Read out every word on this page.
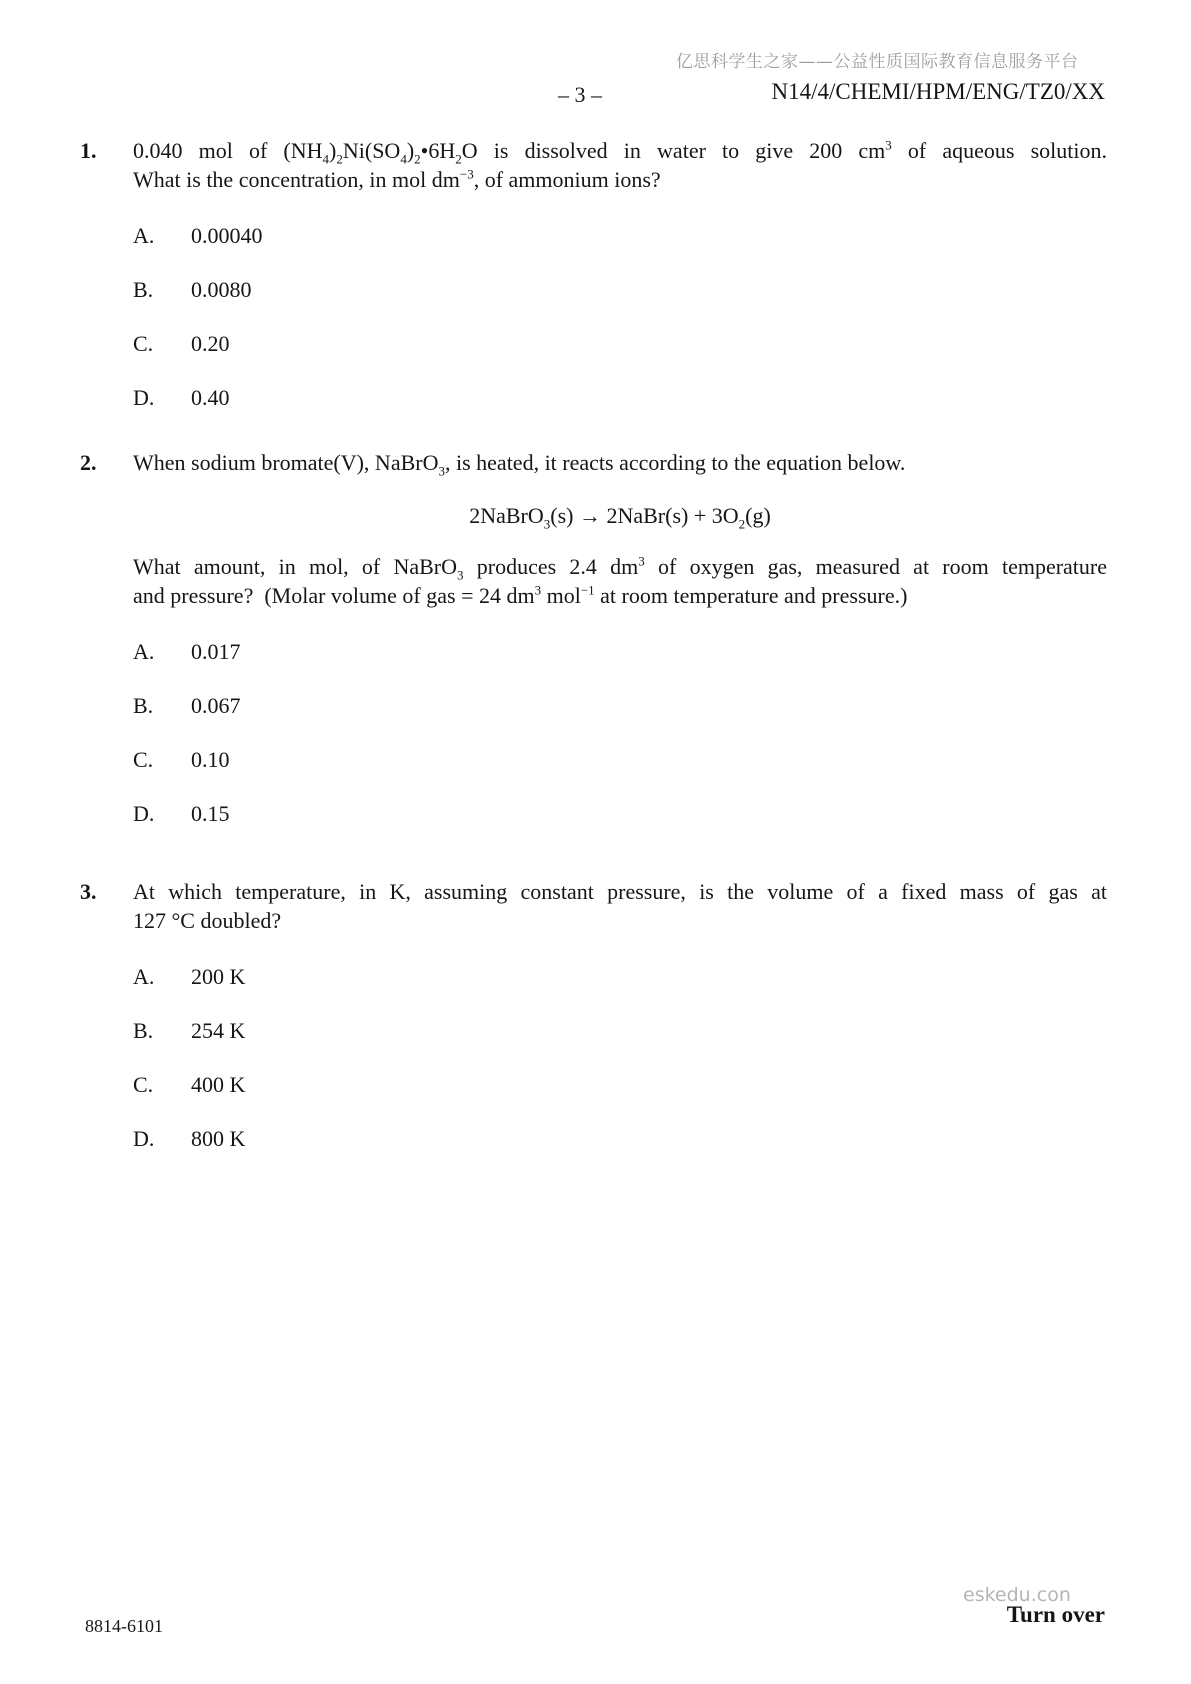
亿思科学生之家——公益性质国际教育信息服务平台
– 3 –	N14/4/CHEMI/HPM/ENG/TZ0/XX
1.	0.040 mol of $(NH_4)_2Ni(SO_4)_2•6H_2O$ is dissolved in water to give 200 $cm^3$ of aqueous solution.
What is the concentration, in mol $dm^{-3}$, of ammonium ions?
A.	0.00040
B.	0.0080
C.	0.20
D.	0.40
2.	When sodium bromate(V), NaBrO$_3$, is heated, it reacts according to the equation below.
2NaBrO$_3$(s) → 2NaBr(s) + $3O_2(g)$
What amount, in mol, of NaBrO$_3$ produces 2.4 $dm^3$ of oxygen gas, measured at room temperature
and pressure?  (Molar volume of gas = 24 $dm^3$ mol$^{-1}$ at room temperature and pressure.)
A.	0.017
B.	0.067
C.	0.10
D.	0.15
3.	At which temperature, in K, assuming constant pressure, is the volume of a fixed mass of gas at
127 °C doubled?
A.	200 K
B.	254 K
C.	400 K
D.	800 K
8814-6101
eskedu.con
Turn over
